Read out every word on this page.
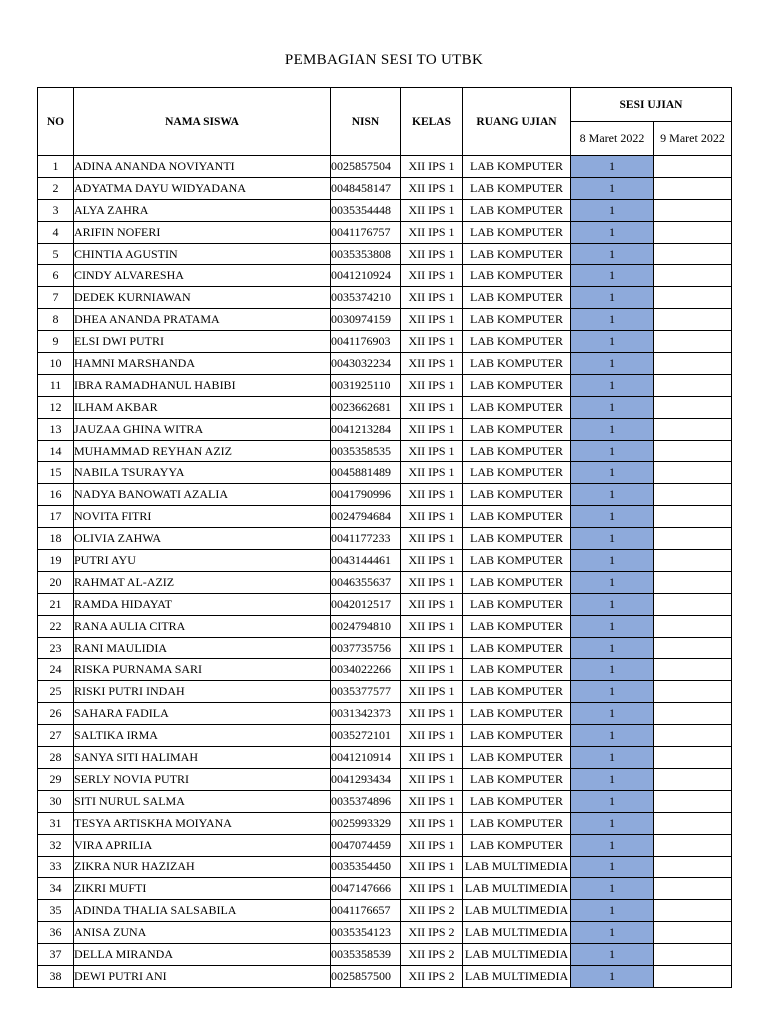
PEMBAGIAN SESI TO UTBK
NO	NAMA SISWA	NISN	KELAS	RUANG UJIAN	SESI UJIAN	
					8 Maret 2022	9 Maret 2022
1	ADINA ANANDA NOVIYANTI	0025857504	XII IPS 1	LAB KOMPUTER	1	
2	ADYATMA DAYU WIDYADANA	0048458147	XII IPS 1	LAB KOMPUTER	1	
3	ALYA ZAHRA	0035354448	XII IPS 1	LAB KOMPUTER	1	
4	ARIFIN NOFERI	0041176757	XII IPS 1	LAB KOMPUTER	1	
5	CHINTIA AGUSTIN	0035353808	XII IPS 1	LAB KOMPUTER	1	
6	CINDY ALVARESHA	0041210924	XII IPS 1	LAB KOMPUTER	1	
7	DEDEK KURNIAWAN	0035374210	XII IPS 1	LAB KOMPUTER	1	
8	DHEA ANANDA PRATAMA	0030974159	XII IPS 1	LAB KOMPUTER	1	
9	ELSI DWI PUTRI	0041176903	XII IPS 1	LAB KOMPUTER	1	
10	HAMNI MARSHANDA	0043032234	XII IPS 1	LAB KOMPUTER	1	
11	IBRA RAMADHANUL HABIBI	0031925110	XII IPS 1	LAB KOMPUTER	1	
12	ILHAM AKBAR	0023662681	XII IPS 1	LAB KOMPUTER	1	
13	JAUZAA GHINA WITRA	0041213284	XII IPS 1	LAB KOMPUTER	1	
14	MUHAMMAD REYHAN AZIZ	0035358535	XII IPS 1	LAB KOMPUTER	1	
15	NABILA TSURAYYA	0045881489	XII IPS 1	LAB KOMPUTER	1	
16	NADYA BANOWATI AZALIA	0041790996	XII IPS 1	LAB KOMPUTER	1	
17	NOVITA FITRI	0024794684	XII IPS 1	LAB KOMPUTER	1	
18	OLIVIA ZAHWA	0041177233	XII IPS 1	LAB KOMPUTER	1	
19	PUTRI AYU	0043144461	XII IPS 1	LAB KOMPUTER	1	
20	RAHMAT AL-AZIZ	0046355637	XII IPS 1	LAB KOMPUTER	1	
21	RAMDA HIDAYAT	0042012517	XII IPS 1	LAB KOMPUTER	1	
22	RANA AULIA CITRA	0024794810	XII IPS 1	LAB KOMPUTER	1	
23	RANI MAULIDIA	0037735756	XII IPS 1	LAB KOMPUTER	1	
24	RISKA PURNAMA SARI	0034022266	XII IPS 1	LAB KOMPUTER	1	
25	RISKI PUTRI INDAH	0035377577	XII IPS 1	LAB KOMPUTER	1	
26	SAHARA FADILA	0031342373	XII IPS 1	LAB KOMPUTER	1	
27	SALTIKA IRMA	0035272101	XII IPS 1	LAB KOMPUTER	1	
28	SANYA SITI HALIMAH	0041210914	XII IPS 1	LAB KOMPUTER	1	
29	SERLY NOVIA PUTRI	0041293434	XII IPS 1	LAB KOMPUTER	1	
30	SITI NURUL SALMA	0035374896	XII IPS 1	LAB KOMPUTER	1	
31	TESYA ARTISKHA MOIYANA	0025993329	XII IPS 1	LAB KOMPUTER	1	
32	VIRA APRILIA	0047074459	XII IPS 1	LAB KOMPUTER	1	
33	ZIKRA NUR HAZIZAH	0035354450	XII IPS 1	LAB MULTIMEDIA	1	
34	ZIKRI MUFTI	0047147666	XII IPS 1	LAB MULTIMEDIA	1	
35	ADINDA THALIA SALSABILA	0041176657	XII IPS 2	LAB MULTIMEDIA	1	
36	ANISA ZUNA	0035354123	XII IPS 2	LAB MULTIMEDIA	1	
37	DELLA MIRANDA	0035358539	XII IPS 2	LAB MULTIMEDIA	1	
38	DEWI PUTRI ANI	0025857500	XII IPS 2	LAB MULTIMEDIA	1	
